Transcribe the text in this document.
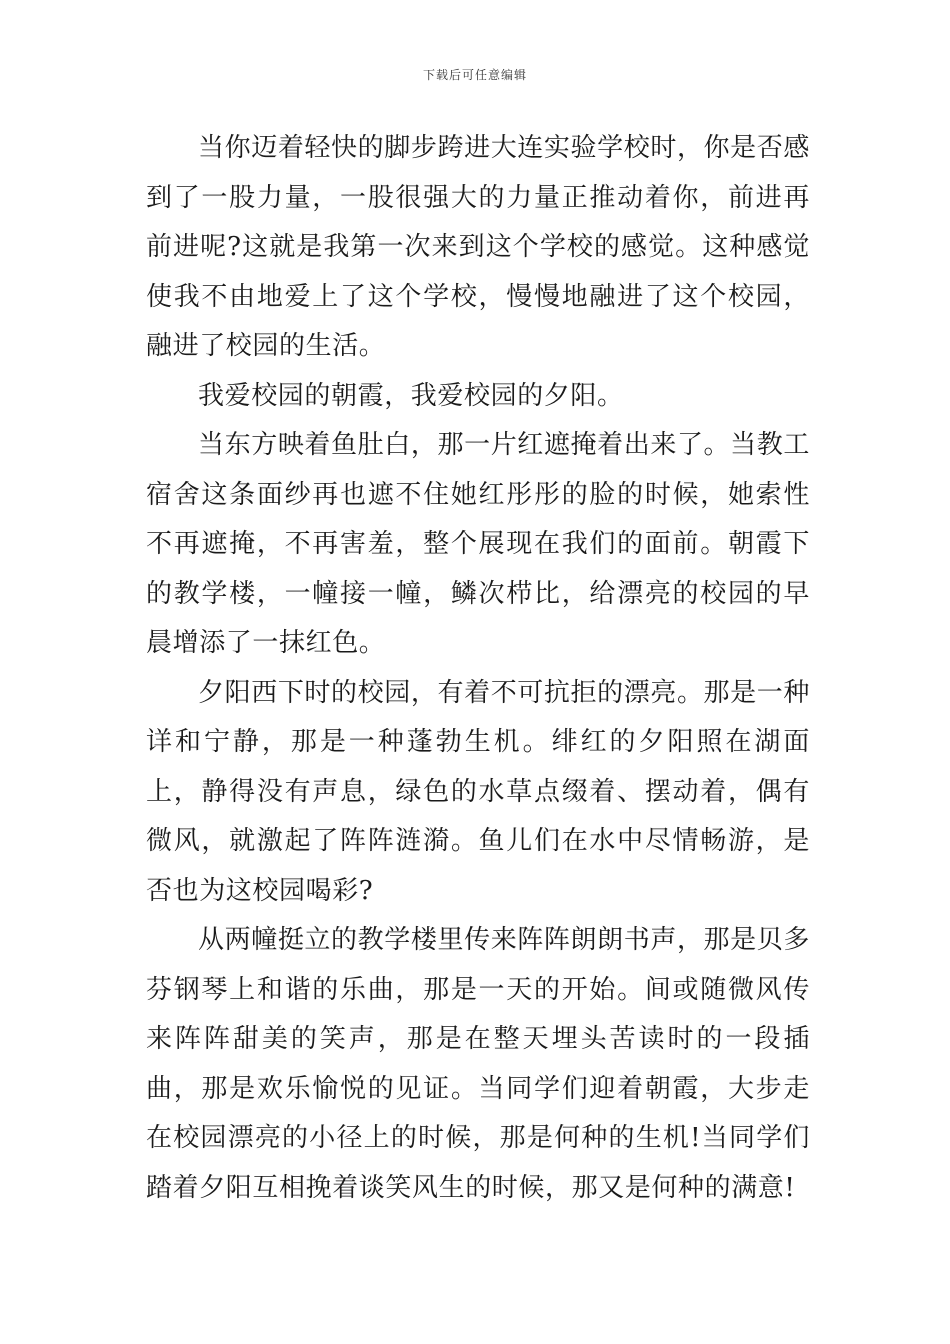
下载后可任意编辑

当你迈着轻快的脚步跨进大连实验学校时，你是否感到了一股力量，一股很强大的力量正推动着你，前进再前进呢?这就是我第一次来到这个学校的感觉。这种感觉使我不由地爱上了这个学校，慢慢地融进了这个校园，融进了校园的生活。

我爱校园的朝霞，我爱校园的夕阳。

当东方映着鱼肚白，那一片红遮掩着出来了。当教工宿舍这条面纱再也遮不住她红彤彤的脸的时候，她索性不再遮掩，不再害羞，整个展现在我们的面前。朝霞下的教学楼，一幢接一幢，鳞次栉比，给漂亮的校园的早晨增添了一抹红色。

夕阳西下时的校园，有着不可抗拒的漂亮。那是一种详和宁静，那是一种蓬勃生机。绯红的夕阳照在湖面上，静得没有声息，绿色的水草点缀着、摆动着，偶有微风，就激起了阵阵涟漪。鱼儿们在水中尽情畅游，是否也为这校园喝彩?

从两幢挺立的教学楼里传来阵阵朗朗书声，那是贝多芬钢琴上和谐的乐曲，那是一天的开始。间或随微风传来阵阵甜美的笑声，那是在整天埋头苦读时的一段插曲，那是欢乐愉悦的见证。当同学们迎着朝霞，大步走在校园漂亮的小径上的时候，那是何种的生机!当同学们踏着夕阳互相挽着谈笑风生的时候，那又是何种的满意!
